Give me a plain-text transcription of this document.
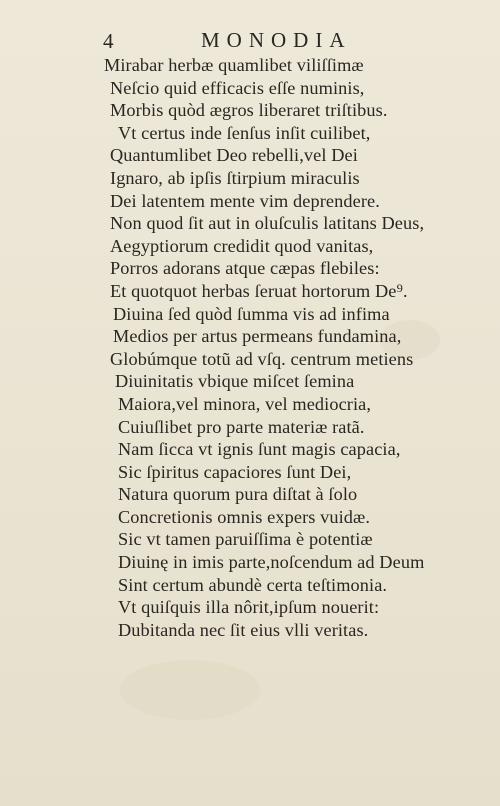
4	MONODIA
Mirabar herbæ quamlibet viliſſimæ
Neſcio quid efficacis eſſe numinis,
Morbis quòd ægros liberaret triſtibus.
Vt certus inde ſenſus inſit cuilibet,
Quantumlibet Deo rebelli,vel Dei
Ignaro, ab ipſis ſtirpium miraculis
Dei latentem mente vim deprendere.
Non quod ſit aut in oluſculis latitans Deus,
Aegyptiorum credidit quod vanitas,
Porros adorans atque cæpas flebiles:
Et quotquot herbas ſeruat hortorum De⁹.
Diuina ſed quòd ſumma vis ad infima
Medios per artus permeans fundamina,
Globúmque totũ ad vſq. centrum metiens
Diuinitatis vbique miſcet ſemina
Maiora,vel minora, vel mediocria,
Cuiuſlibet pro parte materiæ ratã.
Nam ſicca vt ignis ſunt magis capacia,
Sic ſpiritus capaciores ſunt Dei,
Natura quorum pura diſtat à ſolo
Concretionis omnis expers vuidæ.
Sic vt tamen paruiſſima è potentiæ
Diuinę in imis parte,noſcendum ad Deum
Sint certum abundè certa teſtimonia.
Vt quiſquis illa nôrit,ipſum nouerit:
Dubitanda nec ſit eius vlli veritas.
